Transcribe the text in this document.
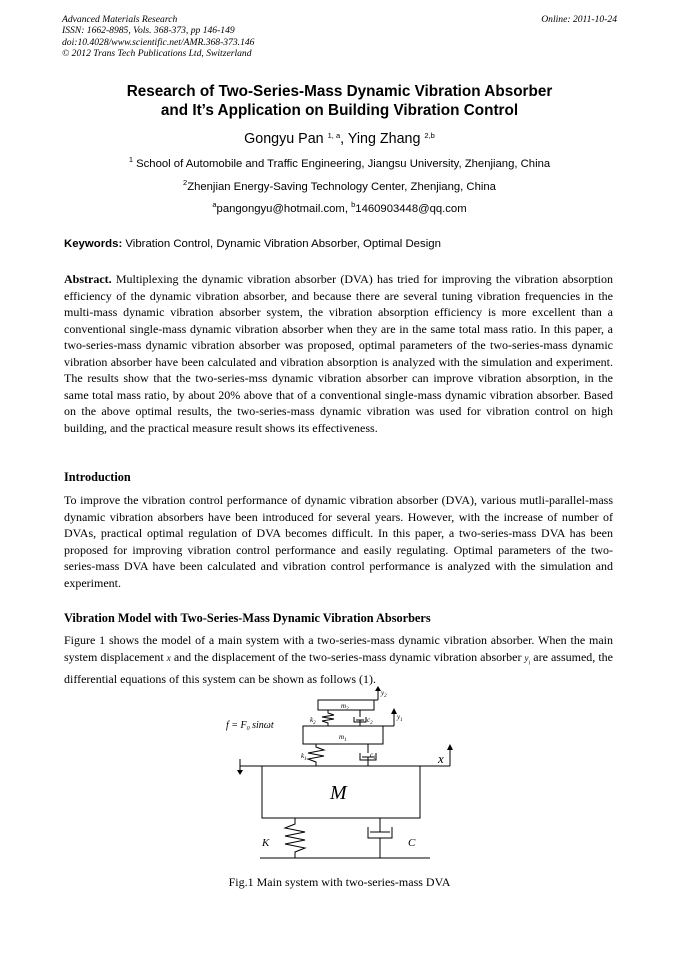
Advanced Materials Research
ISSN: 1662-8985, Vols. 368-373, pp 146-149
doi:10.4028/www.scientific.net/AMR.368-373.146
© 2012 Trans Tech Publications Ltd, Switzerland
Online: 2011-10-24
Research of Two-Series-Mass Dynamic Vibration Absorber
and It’s Application on Building Vibration Control
Gongyu Pan $^{1, a}$, Ying Zhang $^{2,b}$
$^1$ School of Automobile and Traffic Engineering, Jiangsu University, Zhenjiang, China
$^2$Zhenjian Energy-Saving Technology Center, Zhenjiang, China
$^a$pangongyu@hotmail.com, $^b$1460903448@qq.com
Keywords: Vibration Control, Dynamic Vibration Absorber, Optimal Design
Abstract. Multiplexing the dynamic vibration absorber (DVA) has tried for improving the vibration absorption efficiency of the dynamic vibration absorber, and because there are several tuning vibration frequencies in the multi-mass dynamic vibration absorber system, the vibration absorption efficiency is more excellent than a conventional single-mass dynamic vibration absorber when they are in the same total mass ratio. In this paper, a two-series-mass dynamic vibration absorber was proposed, optimal parameters of the two-series-mass dynamic vibration absorber have been calculated and vibration absorption is analyzed with the simulation and experiment. The results show that the two-series-mss dynamic vibration absorber can improve vibration absorption, in the same total mass ratio, by about 20% above that of a conventional single-mass dynamic vibration absorber. Based on the above optimal results, the two-series-mass dynamic vibration was used for vibration control on high building, and the practical measure result shows its effectiveness.
Introduction
To improve the vibration control performance of dynamic vibration absorber (DVA), various mutli-parallel-mass dynamic vibration absorbers have been introduced for several years. However, with the increase of number of DVAs, practical optimal regulation of DVA becomes difficult. In this paper, a two-series-mass DVA has been proposed for improving vibration control performance and easily regulating. Optimal parameters of the two-series-mass DVA have been calculated and vibration control performance is analyzed with the simulation and experiment.
Vibration Model with Two-Series-Mass Dynamic Vibration Absorbers
Figure 1 shows the model of a main system with a two-series-mass dynamic vibration absorber. When the main system displacement x and the displacement of the two-series-mass dynamic vibration absorber $y_i$ are assumed, the differential equations of this system can be shown as follows (1).
$f = F_0$ sinωt
M
K	C
x
$m_1$
$m_2$
$k_1$
$c_1$
$k_2$	$c_2$
$y_1$
$y_2$
Fig.1 Main system with two-series-mass DVA
